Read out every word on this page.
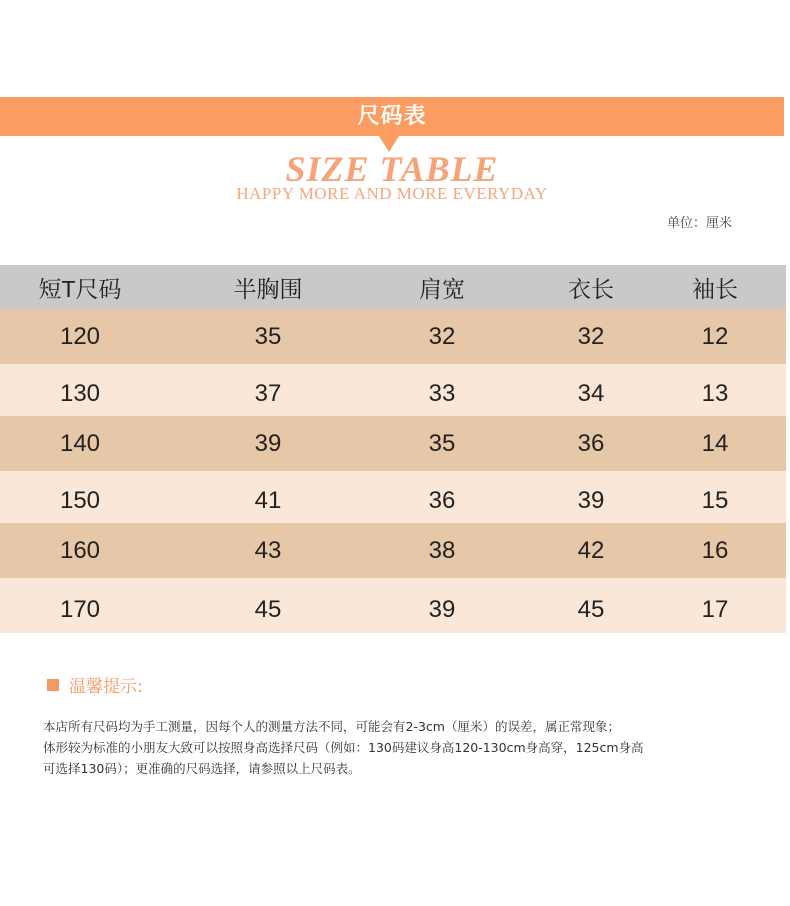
尺码表
SIZE TABLE
HAPPY MORE AND MORE EVERYDAY
单位：厘米
短T尺码	半胸围	肩宽	衣长	袖长
120	35	32	32	12
130	37	33	34	13
140	39	35	36	14
150	41	36	39	15
160	43	38	42	16
170	45	39	45	17
温馨提示:
本店所有尺码均为手工测量，因每个人的测量方法不同，可能会有2-3cm（厘米）的误差，属正常现象；
体形较为标准的小朋友大致可以按照身高选择尺码（例如：130码建议身高120-130cm身高穿，125cm身高
可选择130码）；更准确的尺码选择，请参照以上尺码表。
